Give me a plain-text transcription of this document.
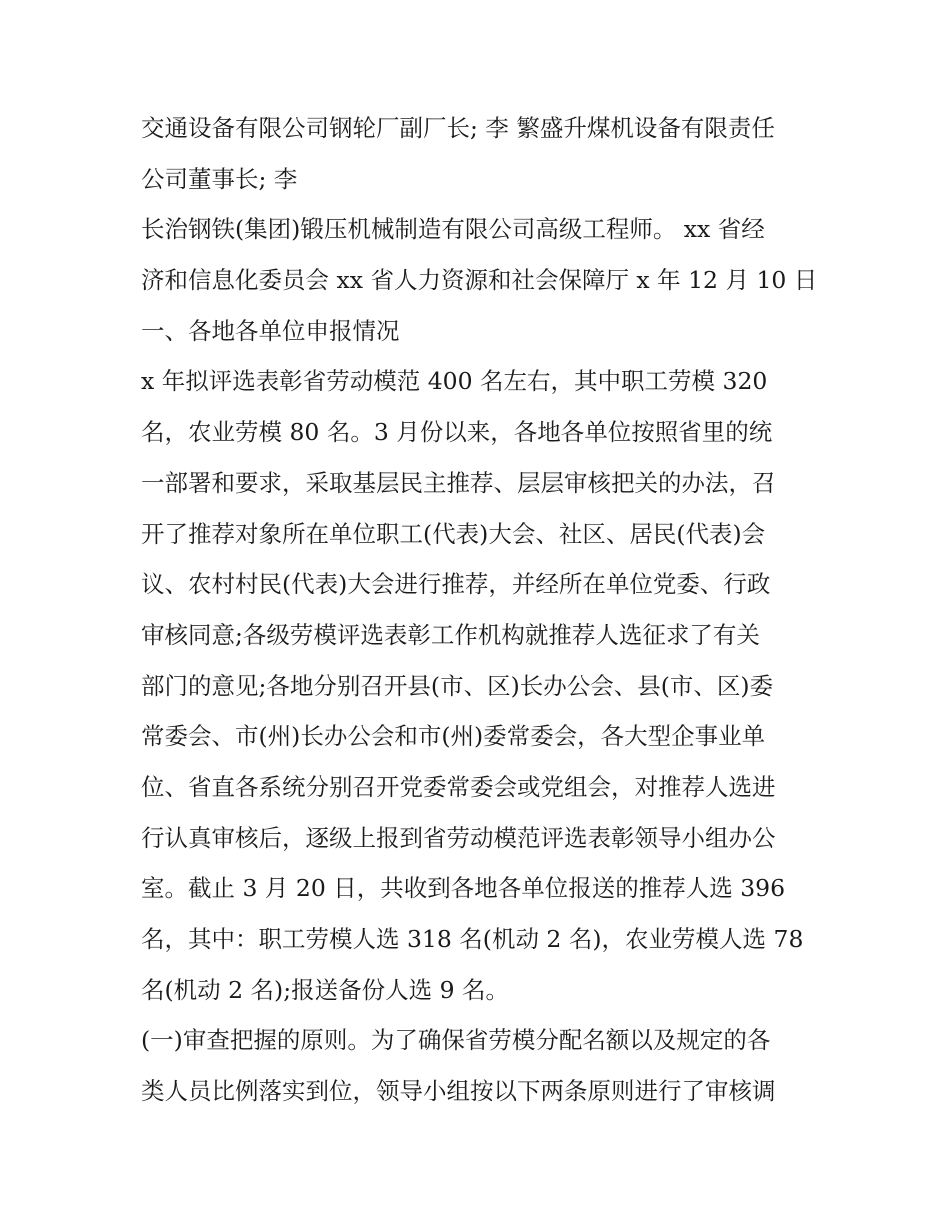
交通设备有限公司钢轮厂副厂长; 李 繁盛升煤机设备有限责任
公司董事长; 李
长治钢铁(集团)锻压机械制造有限公司高级工程师。 xx 省经
济和信息化委员会 xx 省人力资源和社会保障厅 x 年 12 月 10 日
一、各地各单位申报情况
x 年拟评选表彰省劳动模范 400 名左右，其中职工劳模 320
名，农业劳模 80 名。3 月份以来，各地各单位按照省里的统
一部署和要求，采取基层民主推荐、层层审核把关的办法，召
开了推荐对象所在单位职工(代表)大会、社区、居民(代表)会
议、农村村民(代表)大会进行推荐，并经所在单位党委、行政
审核同意;各级劳模评选表彰工作机构就推荐人选征求了有关
部门的意见;各地分别召开县(市、区)长办公会、县(市、区)委
常委会、市(州)长办公会和市(州)委常委会，各大型企事业单
位、省直各系统分别召开党委常委会或党组会，对推荐人选进
行认真审核后，逐级上报到省劳动模范评选表彰领导小组办公
室。截止 3 月 20 日，共收到各地各单位报送的推荐人选 396
名，其中：职工劳模人选 318 名(机动 2 名)，农业劳模人选 78
名(机动 2 名);报送备份人选 9 名。
(一)审查把握的原则。为了确保省劳模分配名额以及规定的各
类人员比例落实到位，领导小组按以下两条原则进行了审核调
